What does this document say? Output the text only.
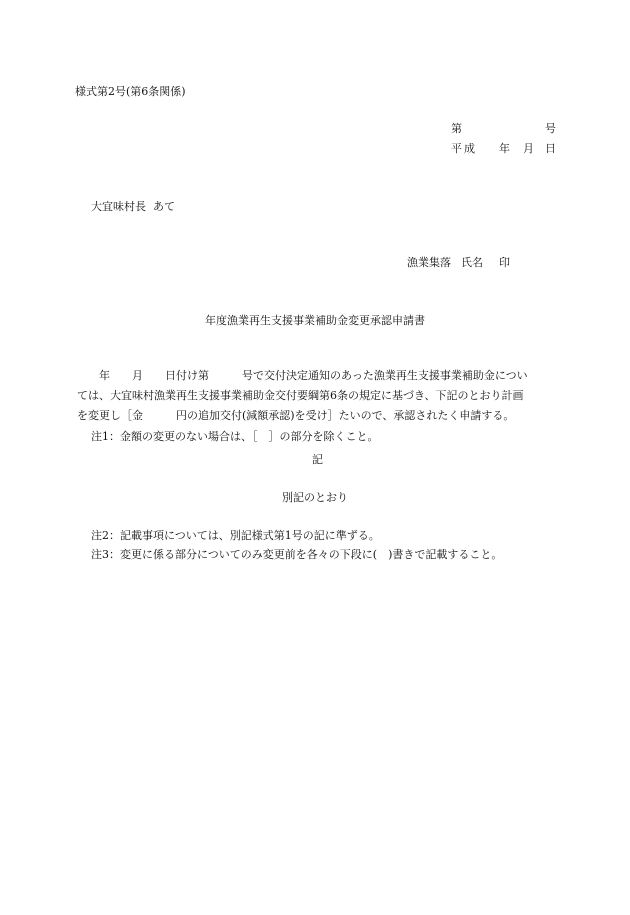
様式第2号(第6条関係)
第	号
平成 年 月 日
大宜味村長  あて
漁業集落 氏名 印
年度漁業再生支援事業補助金変更承認申請書
　　年　　月　　日付け第　　　号で交付決定通知のあった漁業再生支援事業補助金につい
ては、大宜味村漁業再生支援事業補助金交付要綱第6条の規定に基づき、下記のとおり計画
を変更し［金　　　円の追加交付(減額承認)を受け］たいので、承認されたく申請する。
注1：金額の変更のない場合は、［　］の部分を除くこと。
記
別記のとおり
注2：記載事項については、別記様式第1号の記に準ずる。
注3：変更に係る部分についてのみ変更前を各々の下段に(　)書きで記載すること。
